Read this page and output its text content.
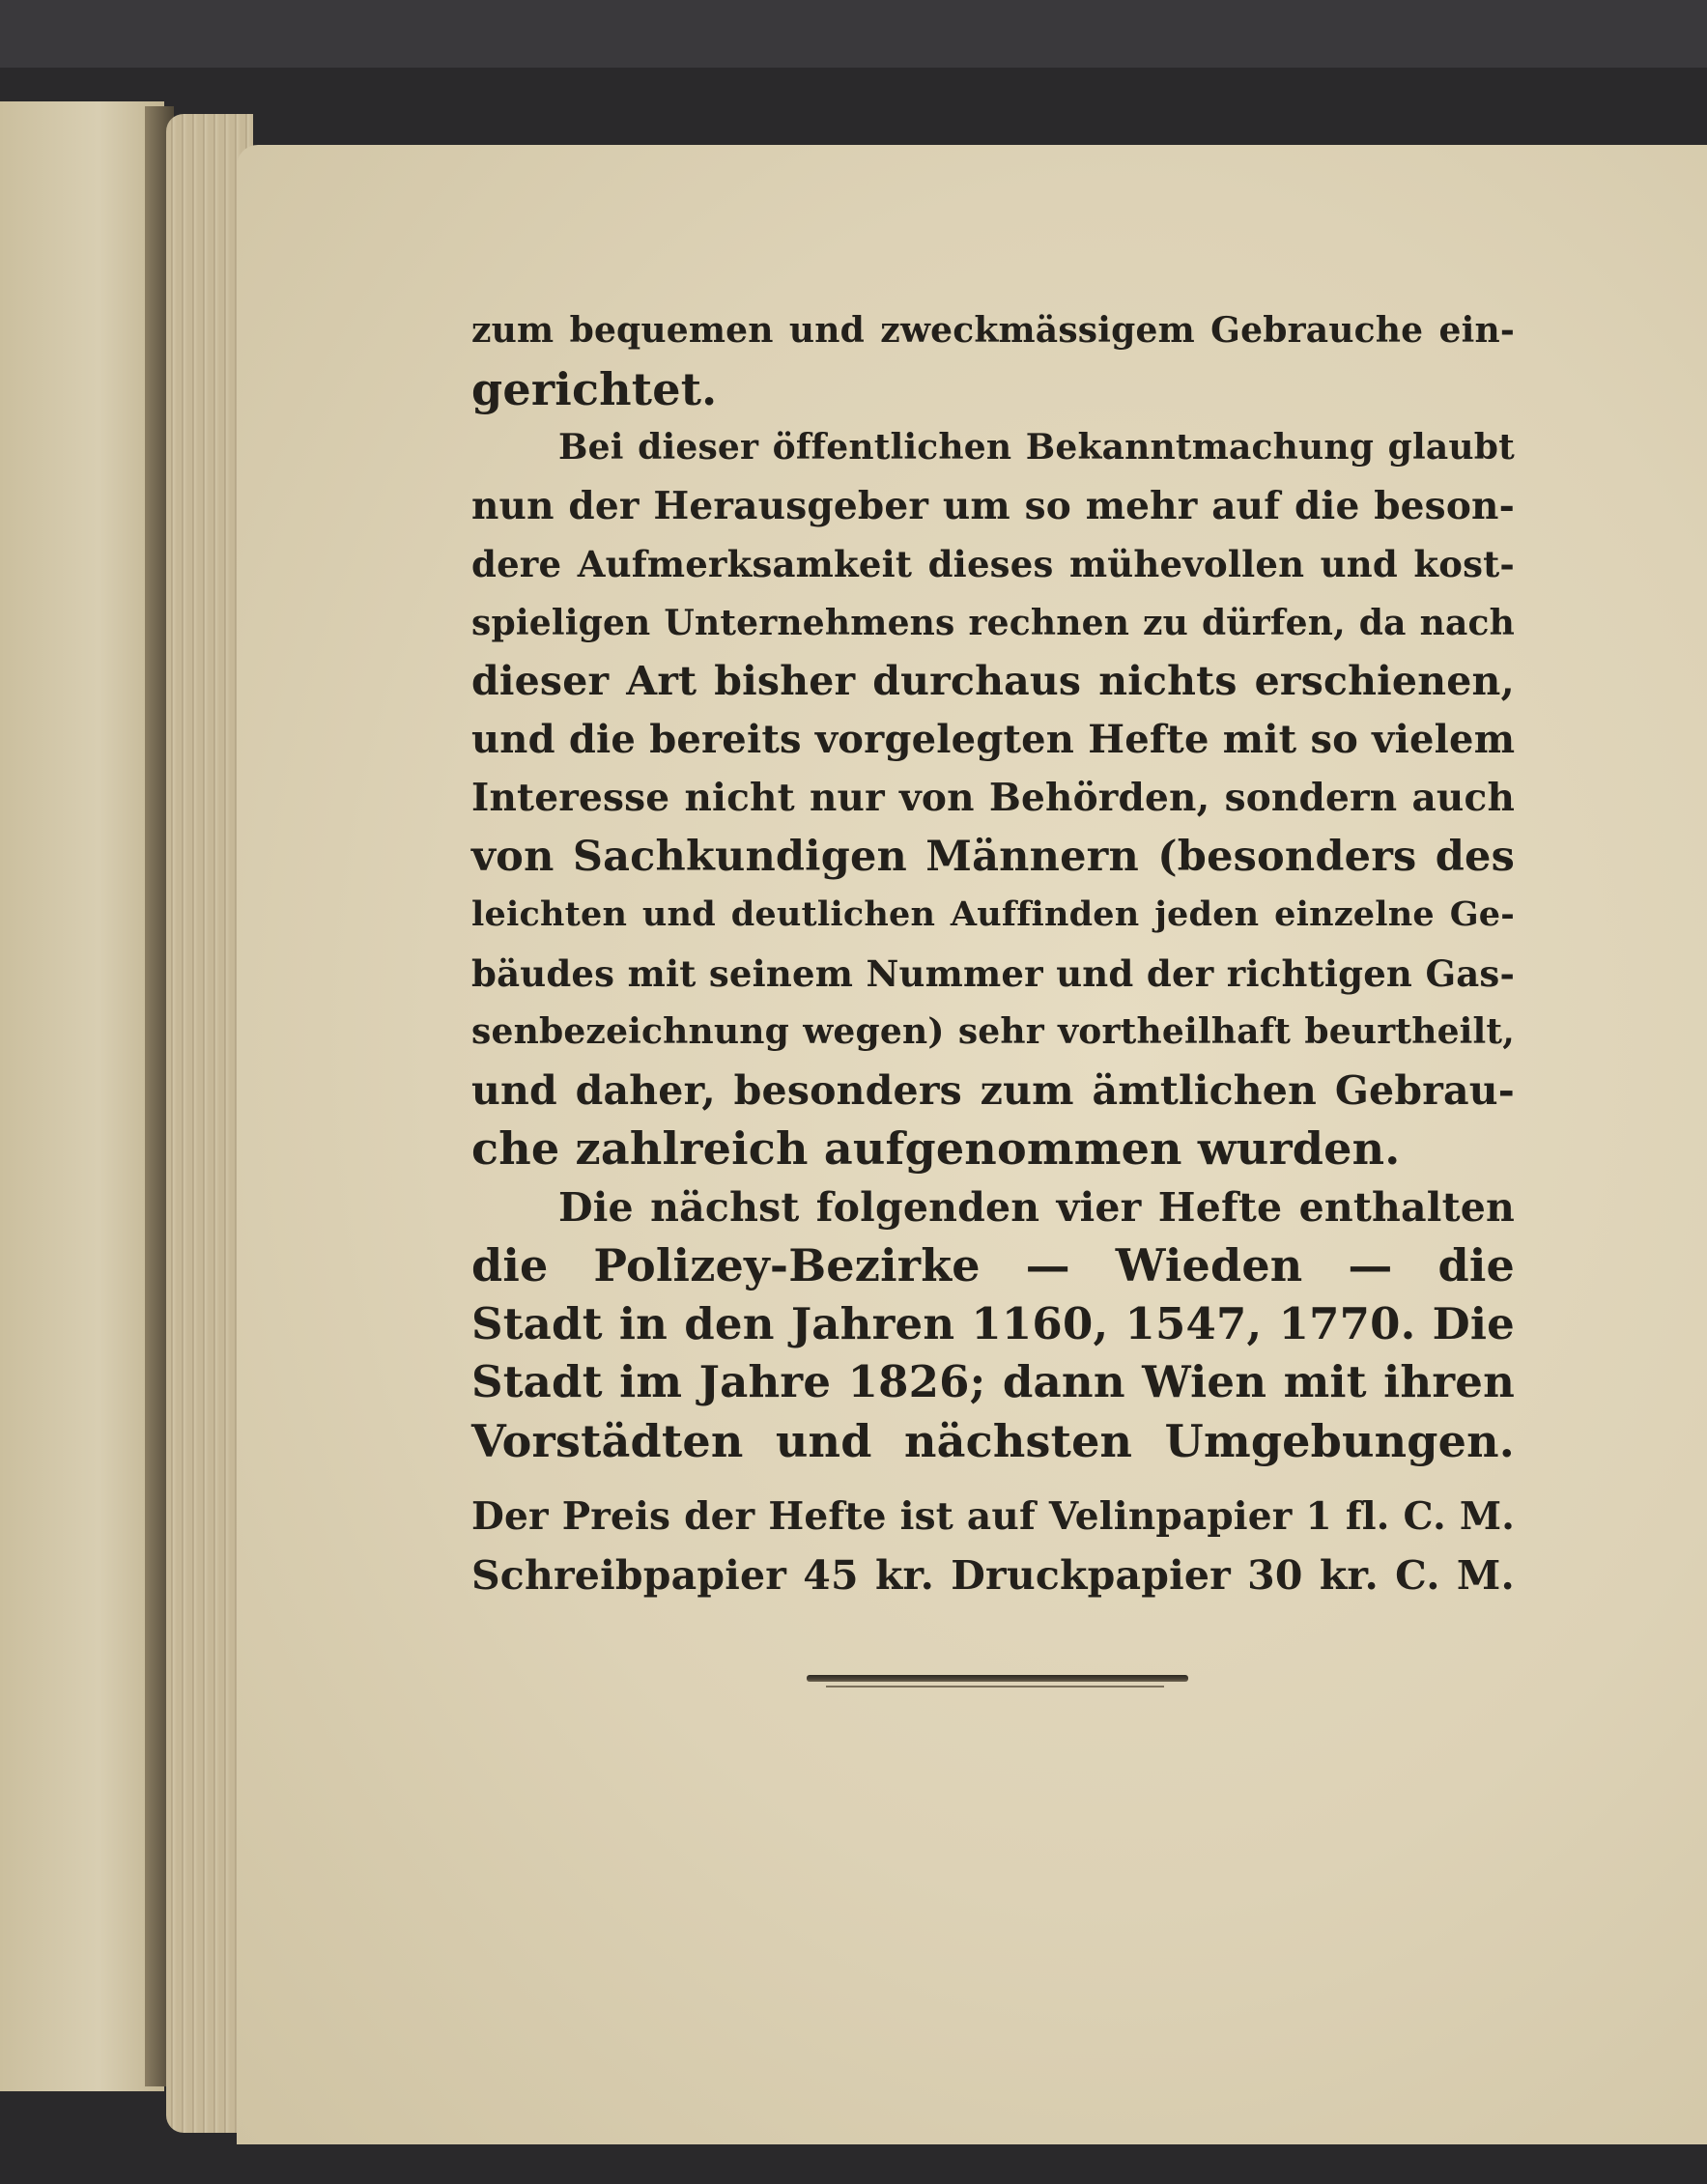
zum bequemen und zweckmässigem Gebrauche ein-
gerichtet.
Bei dieser öffentlichen Bekanntmachung glaubt
nun der Herausgeber um so mehr auf die beson-
dere Aufmerksamkeit dieses mühevollen und kost-
spieligen Unternehmens rechnen zu dürfen, da nach
dieser Art bisher durchaus nichts erschienen,
und die bereits vorgelegten Hefte mit so vielem
Interesse nicht nur von Behörden, sondern auch
von Sachkundigen Männern (besonders des
leichten und deutlichen Auffinden jeden einzelne Ge-
bäudes mit seinem Nummer und der richtigen Gas-
senbezeichnung wegen) sehr vortheilhaft beurtheilt,
und daher, besonders zum ämtlichen Gebrau-
che zahlreich aufgenommen wurden.
Die nächst folgenden vier Hefte enthalten
die Polizey-Bezirke — Wieden — die
Stadt in den Jahren 1160, 1547, 1770. Die
Stadt im Jahre 1826; dann Wien mit ihren
Vorstädten und nächsten Umgebungen.
Der Preis der Hefte ist auf Velinpapier 1 fl. C. M.
Schreibpapier 45 kr. Druckpapier 30 kr. C. M.
